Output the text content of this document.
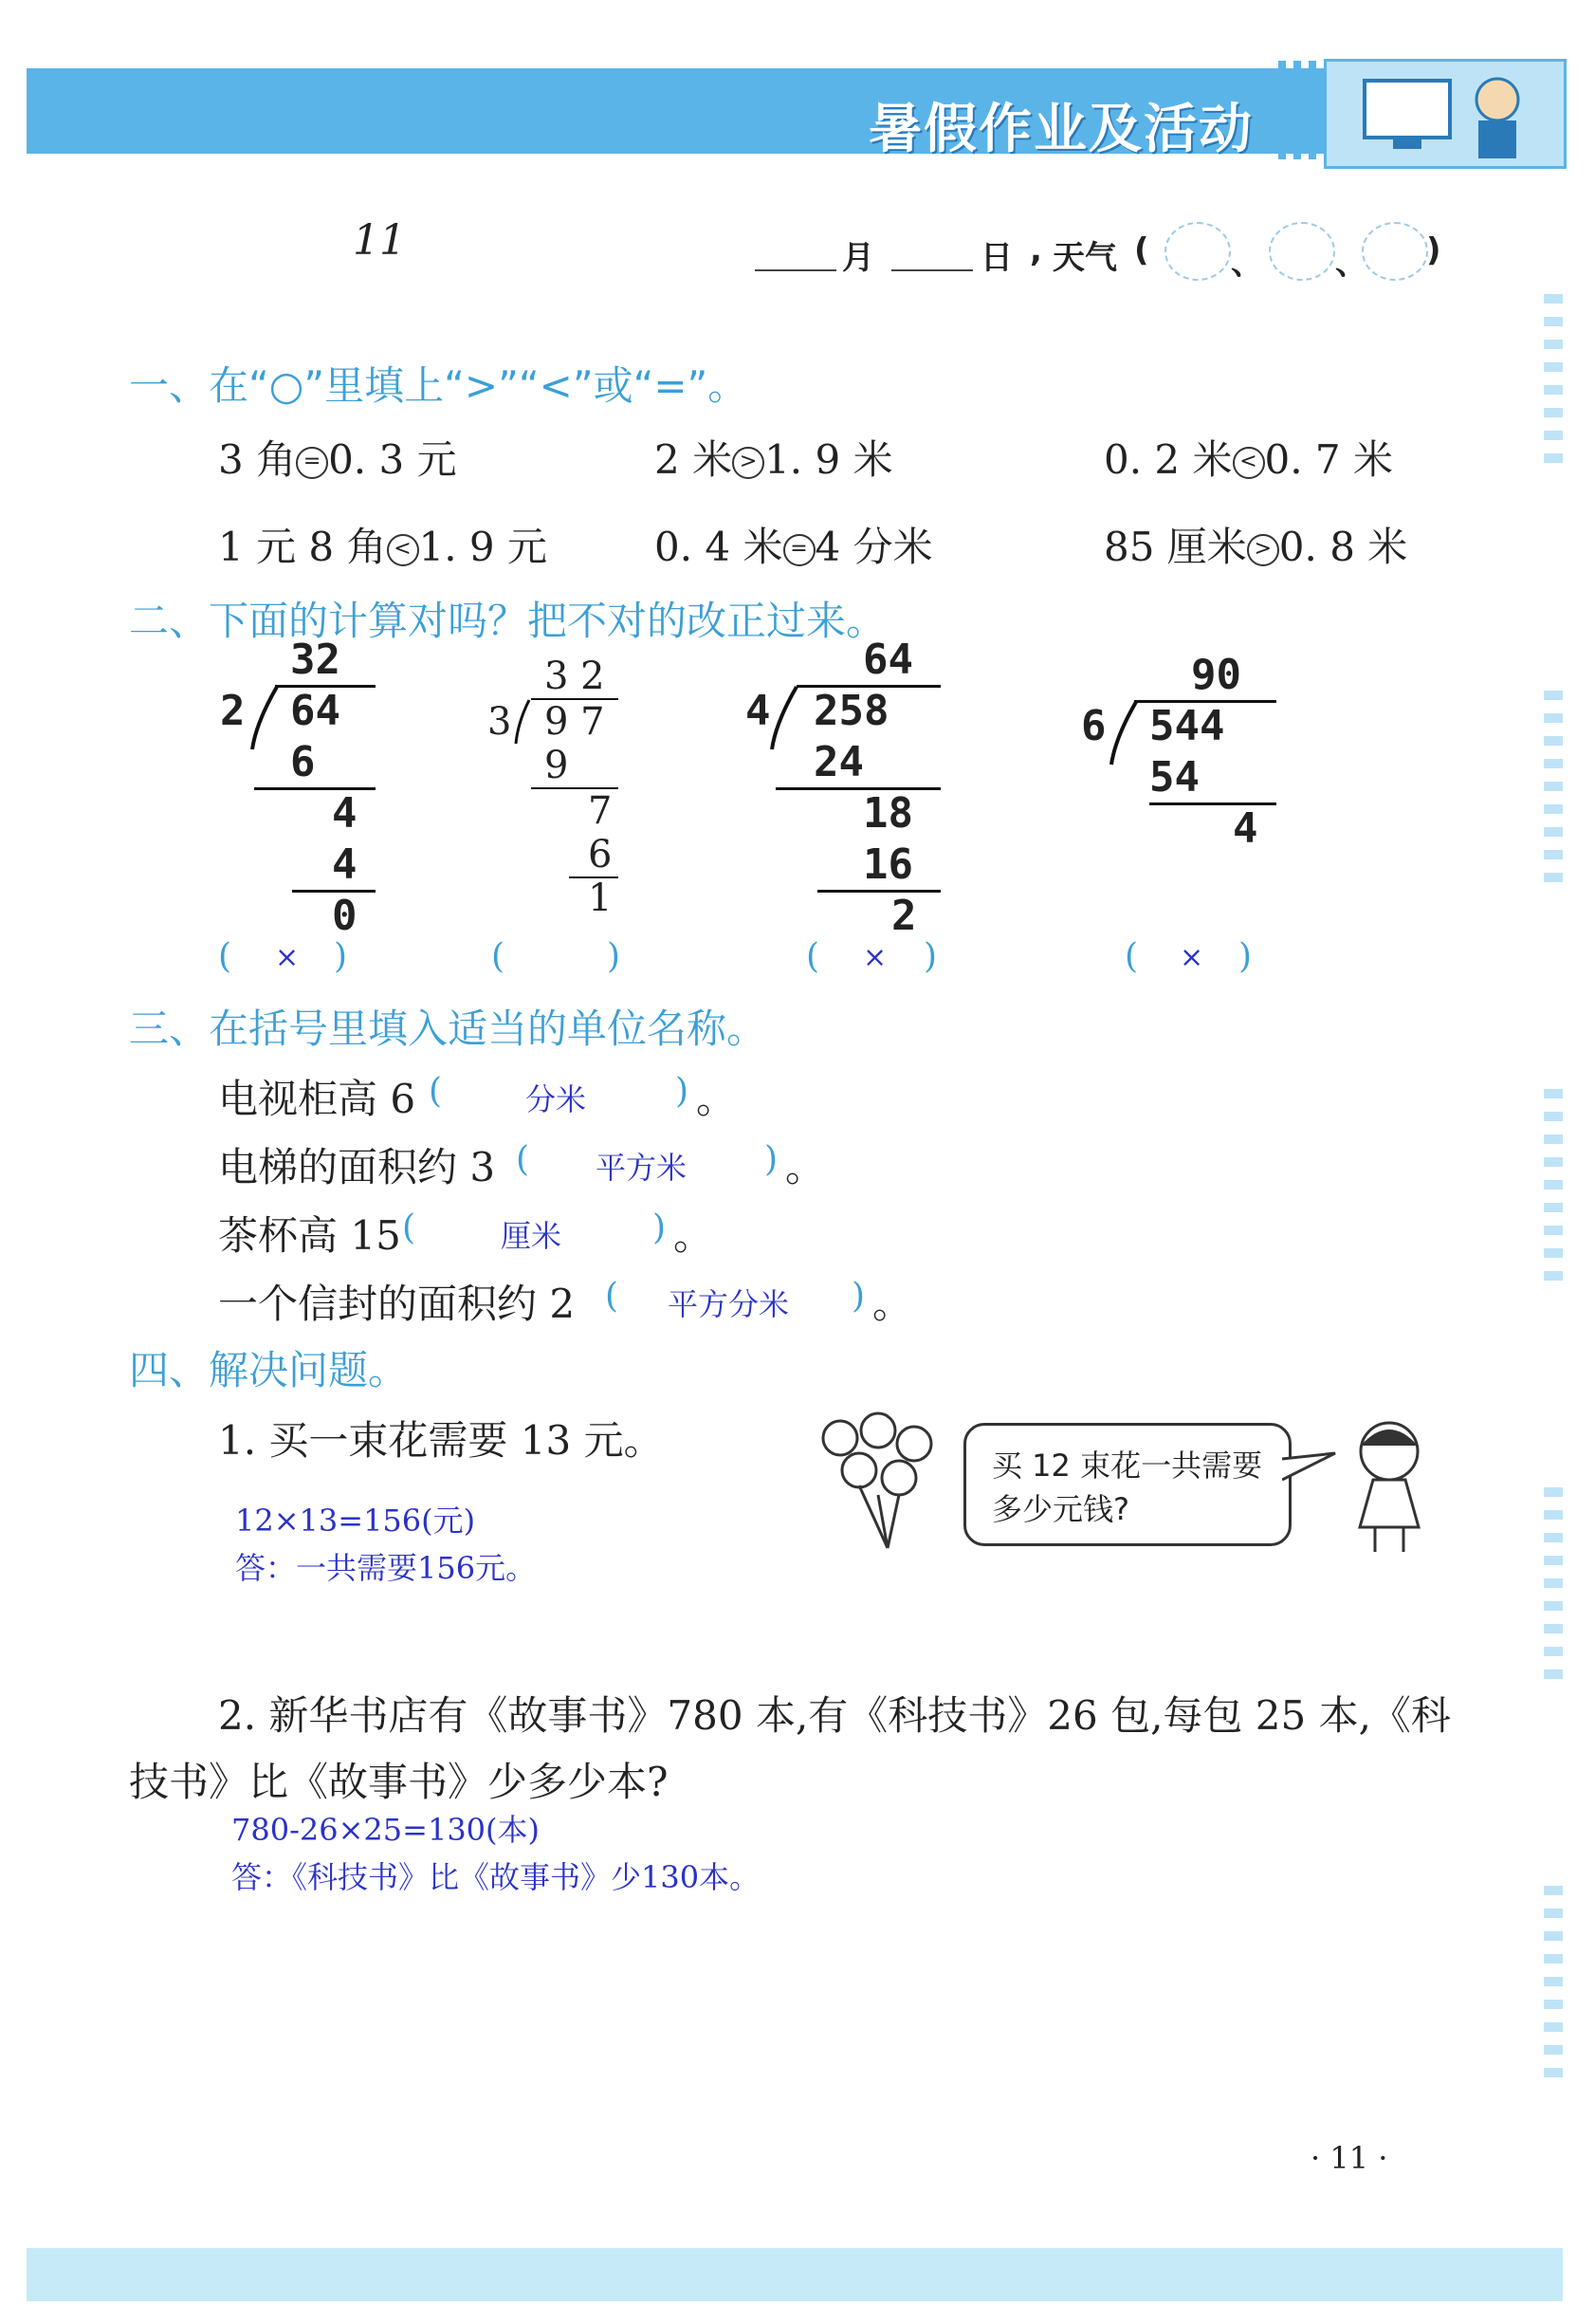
暑假作业及活动
11	月	日 , 天气 (	、 、 )
一、在“○”里填上“>”“<”或“=”。
3 角 = 0. 3 元	2 米 > 1. 9 米	0. 2 米 < 0. 7 米
1 元 8 角 < 1. 9 元	0. 4 米 = 4 分米	85 厘米 > 0. 8 米
二、下面的计算对吗？把不对的改正过来。
32
2 64
6
4
4
0
3 2
3 9 7
9
7
6
1
64
4 258
24
18
16
2
90
6 544
54
4
( × )	(	)	( × )	( × )
三、在括号里填入适当的单位名称。
电视柜高 6 (	分米	) 。
电梯的面积约 3 ( 平方米 ) 。
茶杯高 15 (	厘米	) 。
一个信封的面积约 2 ( 平方分米 ) 。
四、解决问题。
1. 买一束花需要 13 元。
买 12 束花一共需要
多少元钱?
12×13=156(元)
答：一共需要156元。
2. 新华书店有《故事书》780 本,有《科技书》26 包,每包 25 本,《科
技书》比《故事书》少多少本?
780-26×25=130(本)
答：《科技书》比《故事书》少130本。
· 11 ·
